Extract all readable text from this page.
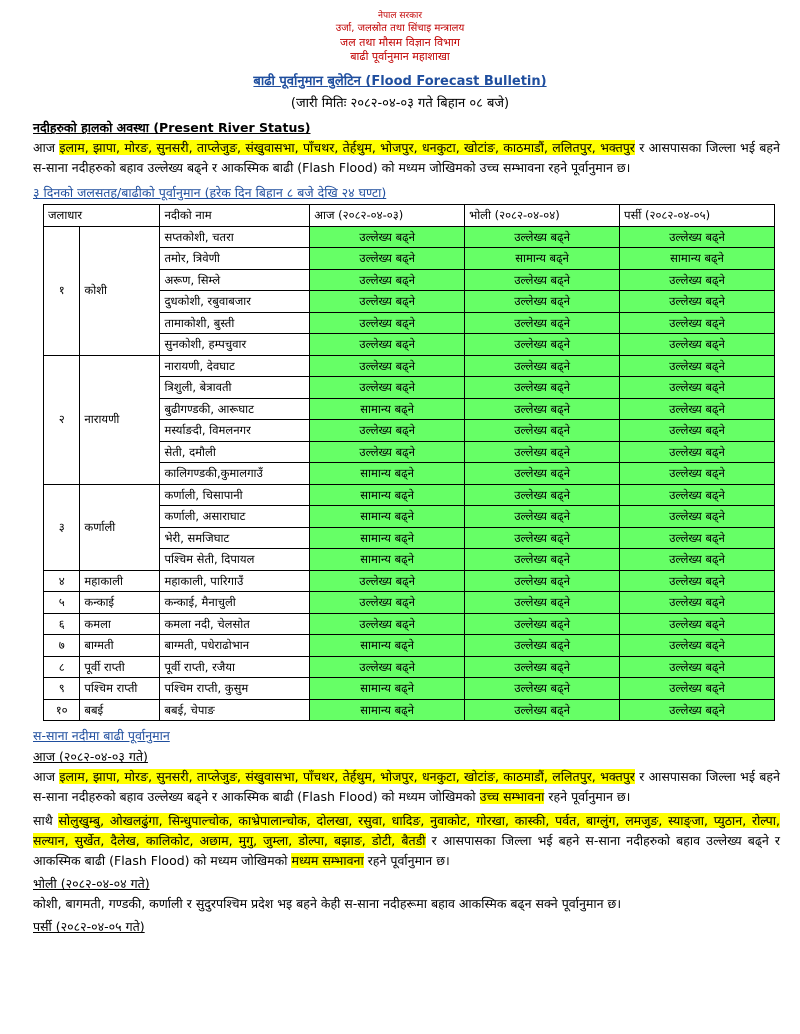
नेपाल सरकार
उर्जा, जलस्रोत तथा सिंचाइ मन्त्रालय
जल तथा मौसम विज्ञान विभाग
बाढी पूर्वानुमान महाशाखा
बाढी पूर्वानुमान बुलेटिन (Flood Forecast Bulletin)
(जारी मितिः २०८२-०४-०३ गते बिहान ०८ बजे)
नदीहरुको हालको अवस्था (Present River Status)
आज इलाम, झापा, मोरङ, सुनसरी, ताप्लेजुङ, संखुवासभा, पाँचथर, तेर्हथुम, भोजपुर, धनकुटा, खोटांङ, काठमाडौं, ललितपुर, भक्तपुर र आसपासका जिल्ला भई बहने स-साना नदीहरुको बहाव उल्लेख्य बढ्ने र आकस्मिक बाढी (Flash Flood) को मध्यम जोखिमको उच्च सम्भावना रहने पूर्वानुमान छ।
३ दिनको जलसतह/बाढीको पूर्वानुमान (हरेक दिन बिहान ८ बजे देखि २४ घण्टा)
जलाधार		नदीको नाम	आज (२०८२-०४-०३)	भोली (२०८२-०४-०४)	पर्सी (२०८२-०४-०५)
१	कोशी	सप्तकोशी, चतरा	उल्लेख्य बढ्ने	उल्लेख्य बढ्ने	उल्लेख्य बढ्ने
		तमोर, त्रिवेणी	उल्लेख्य बढ्ने	सामान्य बढ्ने	सामान्य बढ्ने
		अरूण, सिम्ले	उल्लेख्य बढ्ने	उल्लेख्य बढ्ने	उल्लेख्य बढ्ने
		दुधकोशी, रबुवाबजार	उल्लेख्य बढ्ने	उल्लेख्य बढ्ने	उल्लेख्य बढ्ने
		तामाकोशी, बुस्ती	उल्लेख्य बढ्ने	उल्लेख्य बढ्ने	उल्लेख्य बढ्ने
		सुनकोशी, हम्पचुवार	उल्लेख्य बढ्ने	उल्लेख्य बढ्ने	उल्लेख्य बढ्ने
२	नारायणी	नारायणी, देवघाट	उल्लेख्य बढ्ने	उल्लेख्य बढ्ने	उल्लेख्य बढ्ने
		त्रिशुली, बेत्रावती	उल्लेख्य बढ्ने	उल्लेख्य बढ्ने	उल्लेख्य बढ्ने
		बुढीगण्डकी, आरूघाट	सामान्य बढ्ने	उल्लेख्य बढ्ने	उल्लेख्य बढ्ने
		मर्स्याङदी, विमलनगर	उल्लेख्य बढ्ने	उल्लेख्य बढ्ने	उल्लेख्य बढ्ने
		सेती, दमौली	उल्लेख्य बढ्ने	उल्लेख्य बढ्ने	उल्लेख्य बढ्ने
		कालिगण्डकी,कुमालगाउँ	सामान्य बढ्ने	उल्लेख्य बढ्ने	उल्लेख्य बढ्ने
३	कर्णाली	कर्णाली, चिसापानी	सामान्य बढ्ने	उल्लेख्य बढ्ने	उल्लेख्य बढ्ने
		कर्णाली, असाराघाट	सामान्य बढ्ने	उल्लेख्य बढ्ने	उल्लेख्य बढ्ने
		भेरी, समजिघाट	सामान्य बढ्ने	उल्लेख्य बढ्ने	उल्लेख्य बढ्ने
		पश्चिम सेती, दिपायल	सामान्य बढ्ने	उल्लेख्य बढ्ने	उल्लेख्य बढ्ने
४	महाकाली	महाकाली, पारिगाउँ	उल्लेख्य बढ्ने	उल्लेख्य बढ्ने	उल्लेख्य बढ्ने
५	कन्काई	कन्काई, मैनाचुली	उल्लेख्य बढ्ने	उल्लेख्य बढ्ने	उल्लेख्य बढ्ने
६	कमला	कमला नदी, चेलसोत	उल्लेख्य बढ्ने	उल्लेख्य बढ्ने	उल्लेख्य बढ्ने
७	बाग्मती	बाग्मती, पधेराढोभान	सामान्य बढ्ने	उल्लेख्य बढ्ने	उल्लेख्य बढ्ने
८	पूर्वी राप्ती	पूर्वी राप्ती, रजैया	उल्लेख्य बढ्ने	उल्लेख्य बढ्ने	उल्लेख्य बढ्ने
९	पश्चिम राप्ती	पश्चिम राप्ती, कुसुम	सामान्य बढ्ने	उल्लेख्य बढ्ने	उल्लेख्य बढ्ने
१०	बबई	बबई, चेपाङ	सामान्य बढ्ने	उल्लेख्य बढ्ने	उल्लेख्य बढ्ने
स-साना नदीमा बाढी पूर्वानुमान
आज (२०८२-०४-०३ गते)
आज इलाम, झापा, मोरङ, सुनसरी, ताप्लेजुङ, संखुवासभा, पाँचथर, तेर्हथुम, भोजपुर, धनकुटा, खोटांङ, काठमाडौं, ललितपुर, भक्तपुर र आसपासका जिल्ला भई बहने स-साना नदीहरुको बहाव उल्लेख्य बढ्ने र आकस्मिक बाढी (Flash Flood) को मध्यम जोखिमको उच्च सम्भावना रहने पूर्वानुमान छ।
साथै सोलुखुम्बु, ओखलढुंगा, सिन्धुपाल्चोक, काभ्रेपालान्चोक, दोलखा, रसुवा, धादिङ, नुवाकोट, गोरखा, कास्की, पर्वत, बाग्लुंग, लमजुङ, स्याङ्जा, प्युठान, रोल्पा, सल्यान, सुर्खेत, दैलेख, कालिकोट, अछाम, मुगु, जुम्ला, डोल्पा, बझाङ, डोटी, बैतडी र आसपासका जिल्ला भई बहने स-साना नदीहरुको बहाव उल्लेख्य बढ्ने र आकस्मिक बाढी (Flash Flood) को मध्यम जोखिमको मध्यम सम्भावना रहने पूर्वानुमान छ।
भोली (२०८२-०४-०४ गते)
कोशी, बागमती, गण्डकी, कर्णाली र सुदुरपश्चिम प्रदेश भइ बहने केही स-साना नदीहरूमा बहाव आकस्मिक बढ्न सक्ने पूर्वानुमान छ।
पर्सी (२०८२-०४-०५ गते)
